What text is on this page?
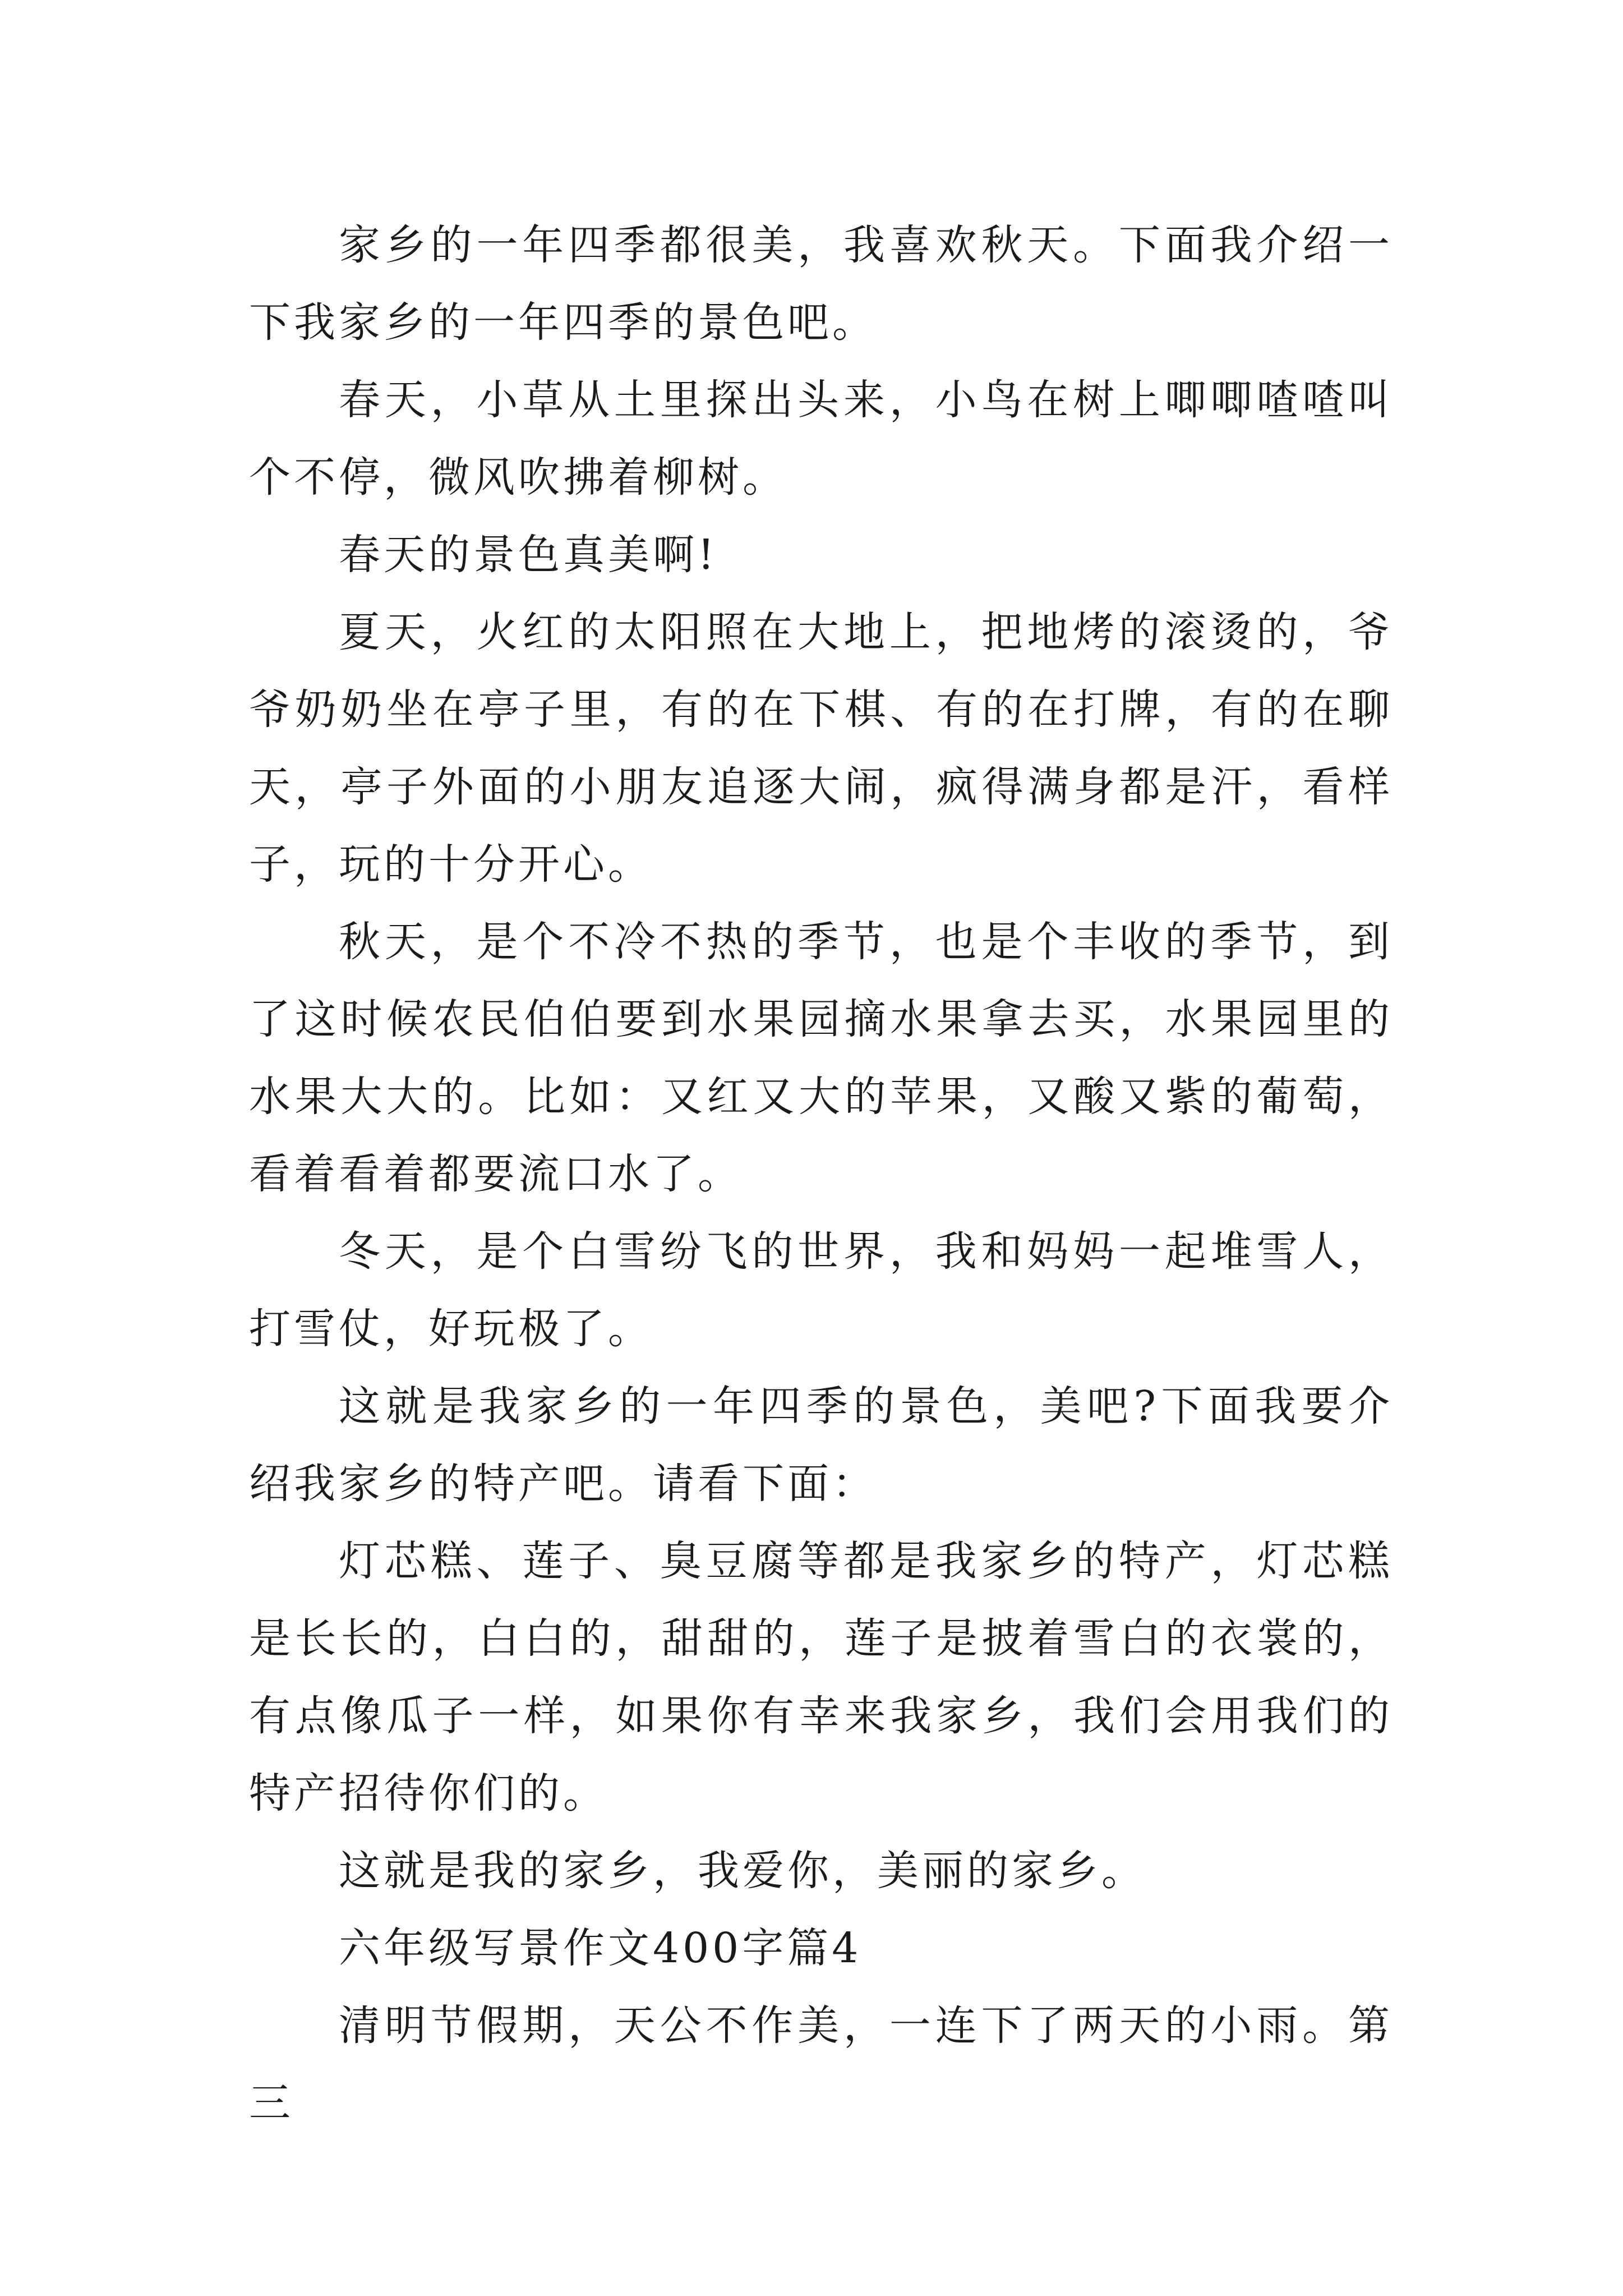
家乡的一年四季都很美，我喜欢秋天。下面我介绍一下我家乡的一年四季的景色吧。

春天，小草从土里探出头来，小鸟在树上唧唧喳喳叫个不停，微风吹拂着柳树。

春天的景色真美啊!

夏天，火红的太阳照在大地上，把地烤的滚烫的，爷爷奶奶坐在亭子里，有的在下棋、有的在打牌，有的在聊天，亭子外面的小朋友追逐大闹，疯得满身都是汗，看样子，玩的十分开心。

秋天，是个不冷不热的季节，也是个丰收的季节，到了这时候农民伯伯要到水果园摘水果拿去买，水果园里的水果大大的。比如：又红又大的苹果，又酸又紫的葡萄，看着看着都要流口水了。

冬天，是个白雪纷飞的世界，我和妈妈一起堆雪人，打雪仗，好玩极了。

这就是我家乡的一年四季的景色，美吧?下面我要介绍我家乡的特产吧。请看下面：

灯芯糕、莲子、臭豆腐等都是我家乡的特产，灯芯糕是长长的，白白的，甜甜的，莲子是披着雪白的衣裳的，有点像瓜子一样，如果你有幸来我家乡，我们会用我们的特产招待你们的。

这就是我的家乡，我爱你，美丽的家乡。

六年级写景作文400字篇4

清明节假期，天公不作美，一连下了两天的小雨。第三
